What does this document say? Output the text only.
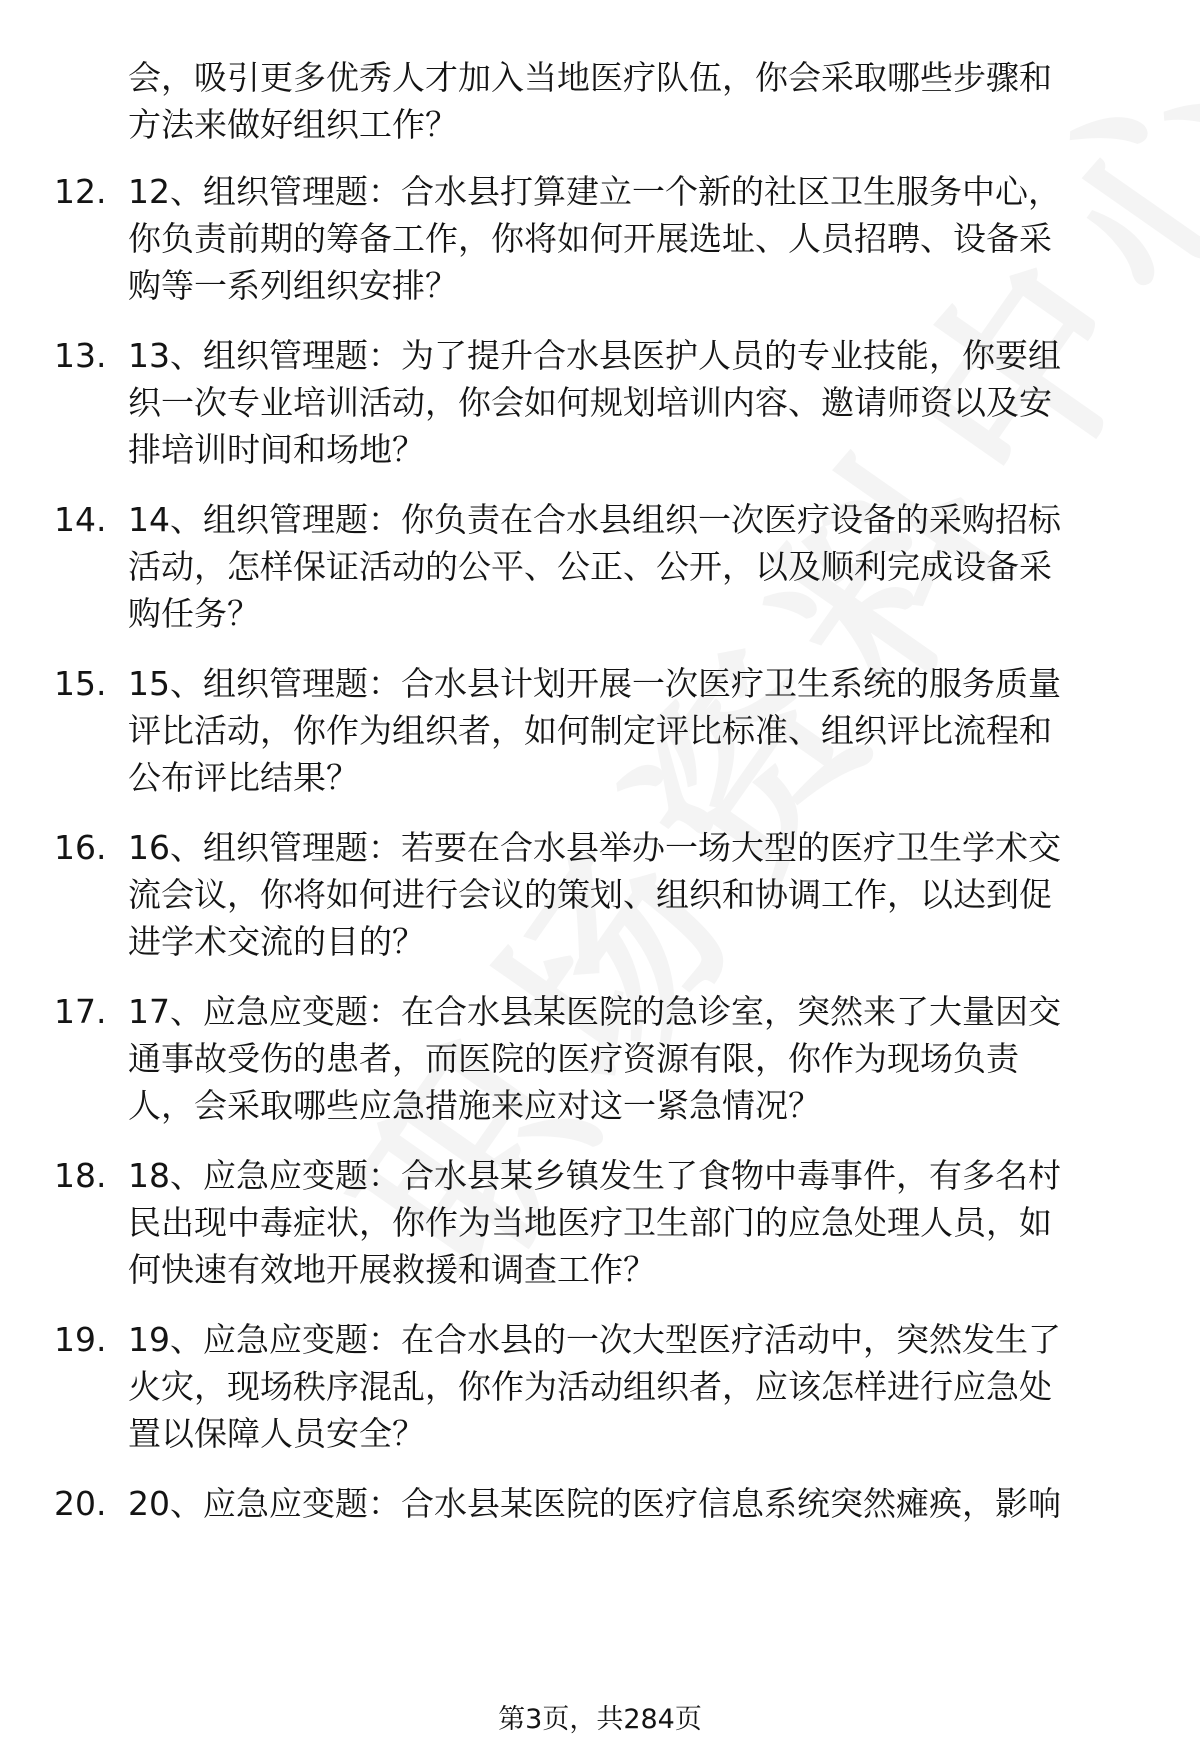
会，吸引更多优秀人才加入当地医疗队伍，你会采取哪些步骤和
方法来做好组织工作？
12. 12、组织管理题：合水县打算建立一个新的社区卫生服务中心，
你负责前期的筹备工作，你将如何开展选址、人员招聘、设备采
购等一系列组织安排？
13. 13、组织管理题：为了提升合水县医护人员的专业技能，你要组
织一次专业培训活动，你会如何规划培训内容、邀请师资以及安
排培训时间和场地？
14. 14、组织管理题：你负责在合水县组织一次医疗设备的采购招标
活动，怎样保证活动的公平、公正、公开，以及顺利完成设备采
购任务？
15. 15、组织管理题：合水县计划开展一次医疗卫生系统的服务质量
评比活动，你作为组织者，如何制定评比标准、组织评比流程和
公布评比结果？
16. 16、组织管理题：若要在合水县举办一场大型的医疗卫生学术交
流会议，你将如何进行会议的策划、组织和协调工作，以达到促
进学术交流的目的？
17. 17、应急应变题：在合水县某医院的急诊室，突然来了大量因交
通事故受伤的患者，而医院的医疗资源有限，你作为现场负责
人，会采取哪些应急措施来应对这一紧急情况？
18. 18、应急应变题：合水县某乡镇发生了食物中毒事件，有多名村
民出现中毒症状，你作为当地医疗卫生部门的应急处理人员，如
何快速有效地开展救援和调查工作？
19. 19、应急应变题：在合水县的一次大型医疗活动中，突然发生了
火灾，现场秩序混乱，你作为活动组织者，应该怎样进行应急处
置以保障人员安全？
20. 20、应急应变题：合水县某医院的医疗信息系统突然瘫痪，影响
第3页，共284页
